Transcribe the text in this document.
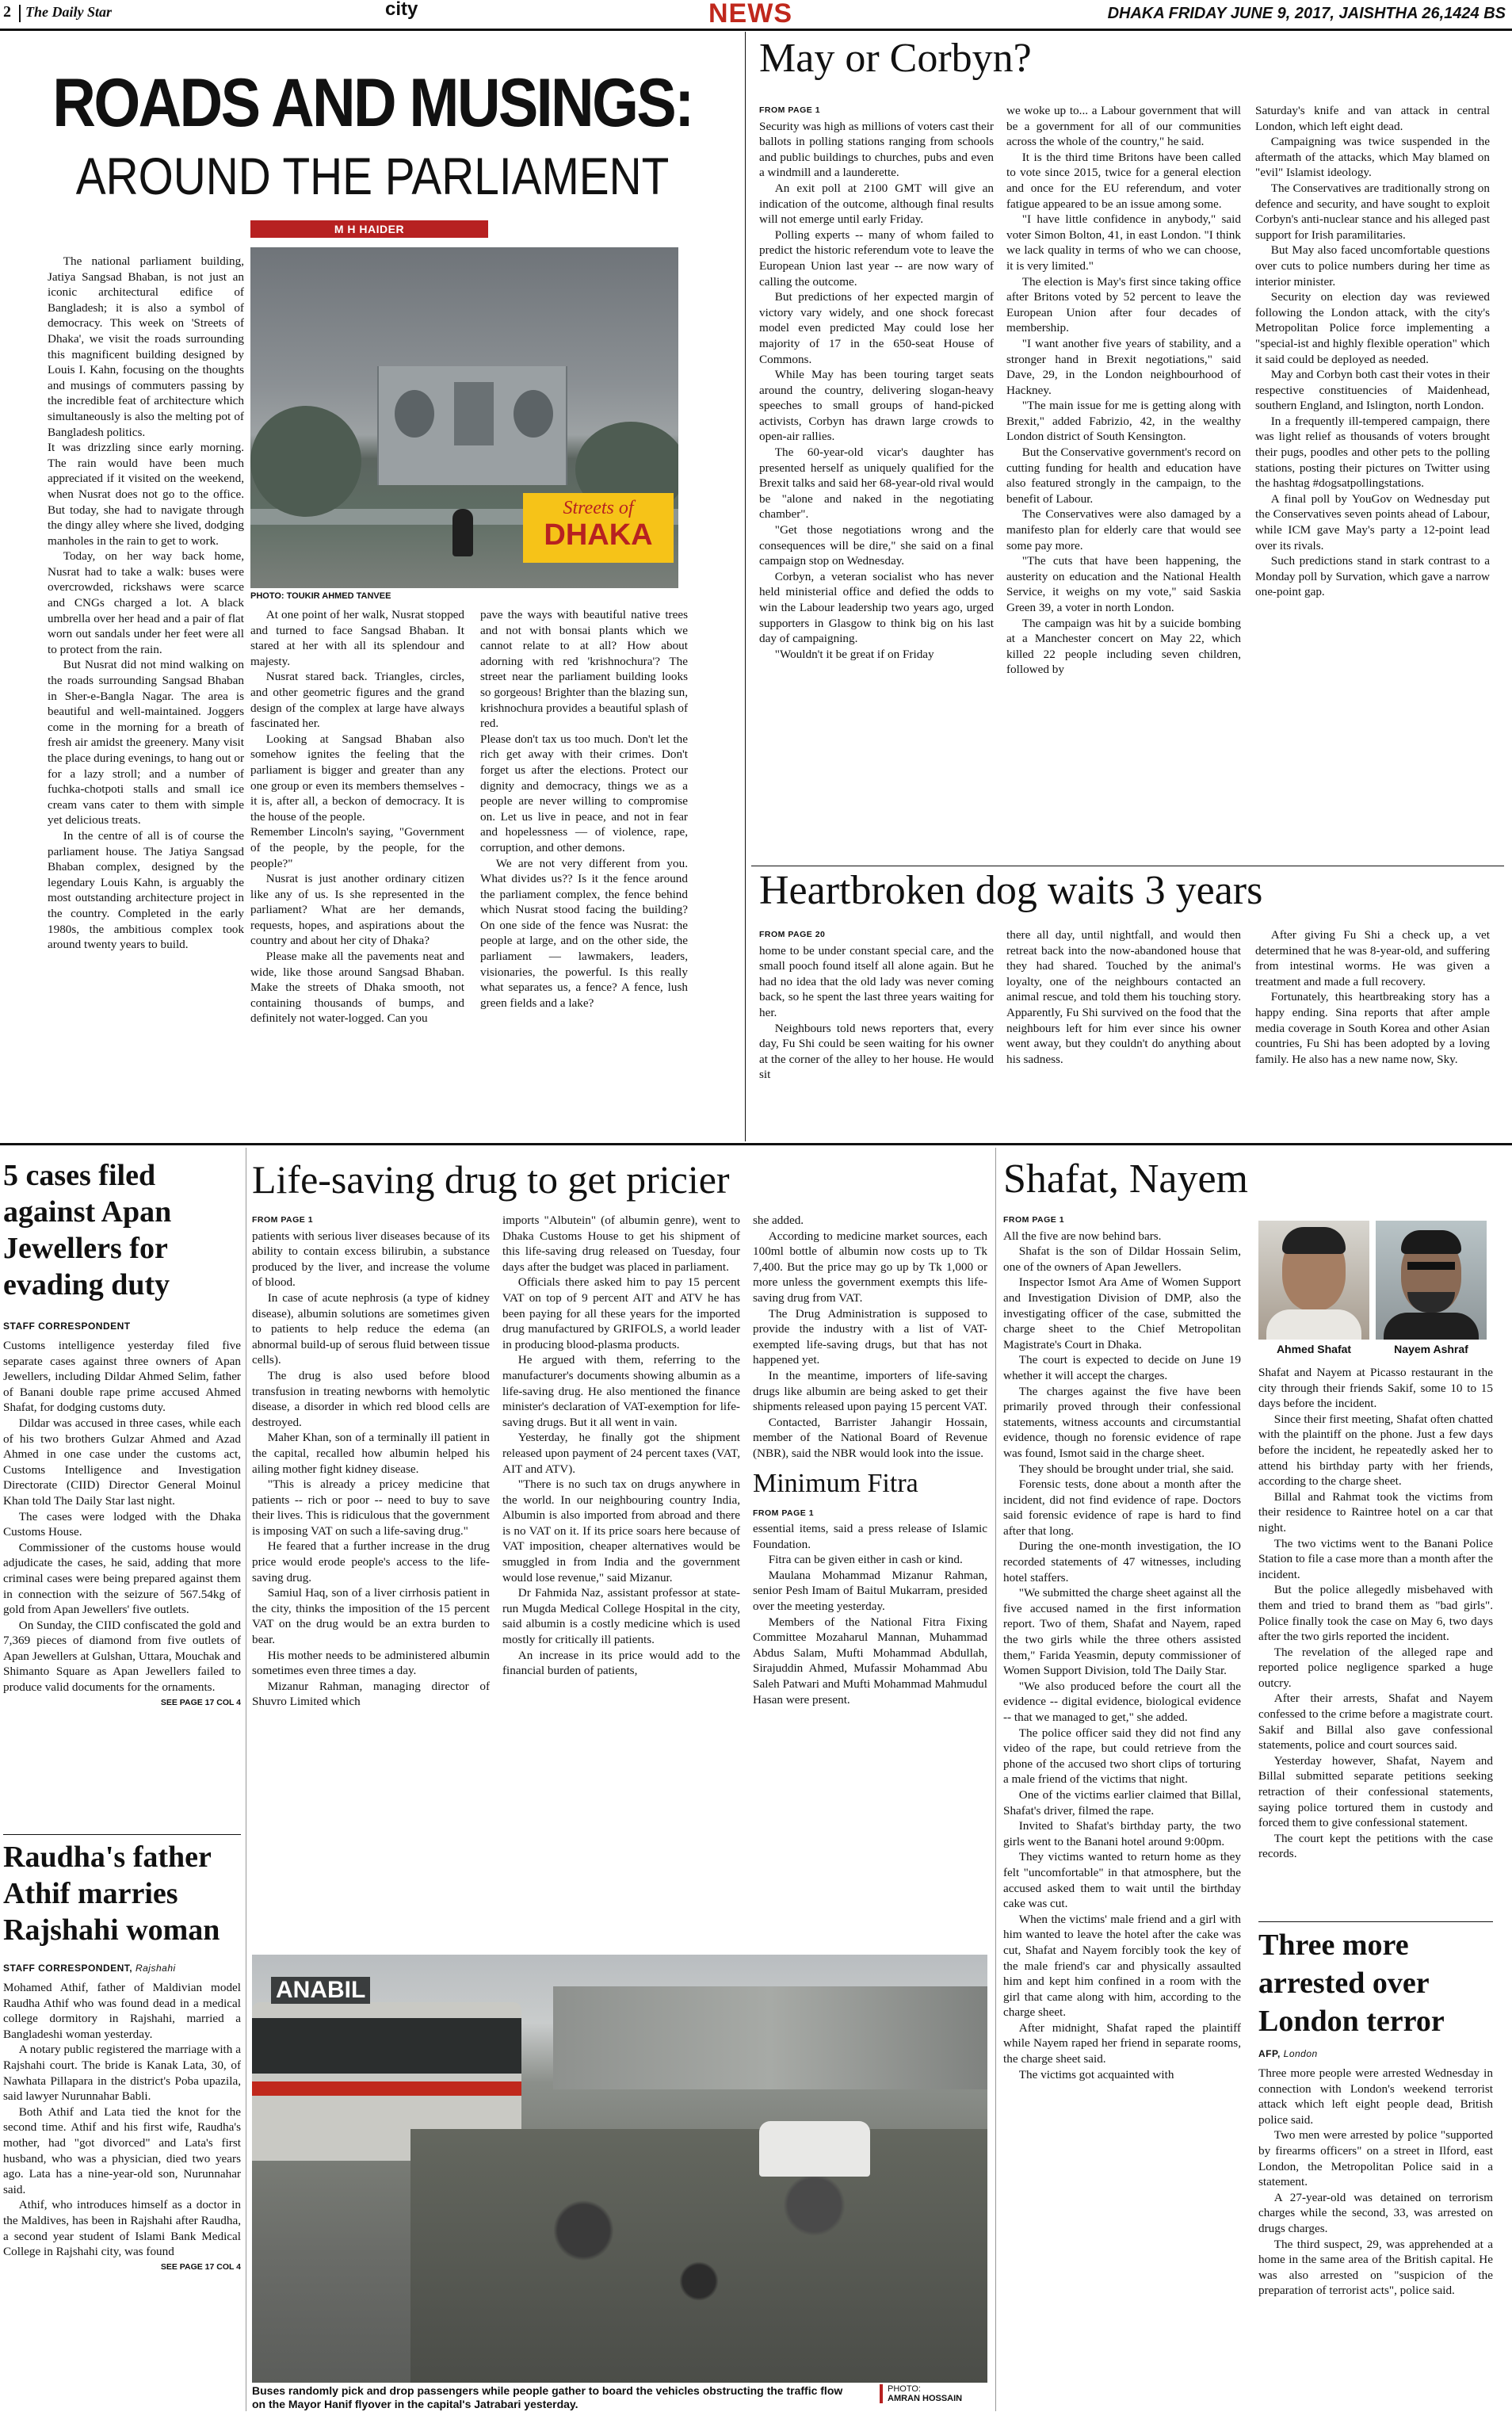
2 The Daily Star	city	NEWS	DHAKA FRIDAY JUNE 9, 2017, JAISHTHA 26,1424 BS
ROADS AND MUSINGS:
AROUND THE PARLIAMENT
M H HAIDER
Streets of
DHAKA
PHOTO: TOUKIR AHMED TANVEE

The national parliament building, Jatiya Sangsad Bhaban, is not just an iconic architectural edifice of Bangladesh; it is also a symbol of democracy. This week on 'Streets of Dhaka', we visit the roads surrounding this magnificent building designed by Louis I. Kahn, focusing on the thoughts and musings of commuters passing by the incredible feat of architecture which simultaneously is also the melting pot of Bangladesh politics.

It was drizzling since early morning. The rain would have been much appreciated if it visited on the weekend, when Nusrat does not go to the office. But today, she had to navigate through the dingy alley where she lived, dodging manholes in the rain to get to work.

Today, on her way back home, Nusrat had to take a walk: buses were overcrowded, rickshaws were scarce and CNGs charged a lot. A black umbrella over her head and a pair of flat worn out sandals under her feet were all to protect from the rain.

But Nusrat did not mind walking on the roads surrounding Sangsad Bhaban in Sher-e-Bangla Nagar. The area is beautiful and well-maintained. Joggers come in the morning for a breath of fresh air amidst the greenery. Many visit the place during evenings, to hang out or for a lazy stroll; and a number of fuchka-chotpoti stalls and small ice cream vans cater to them with simple yet delicious treats.

In the centre of all is of course the parliament house. The Jatiya Sangsad Bhaban complex, designed by the legendary Louis Kahn, is arguably the most outstanding architecture project in the country. Completed in the early 1980s, the ambitious complex took around twenty years to build.

At one point of her walk, Nusrat stopped and turned to face Sangsad Bhaban. It stared at her with all its splendour and majesty.

Nusrat stared back. Triangles, circles, and other geometric figures and the grand design of the complex at large have always fascinated her.

Looking at Sangsad Bhaban also somehow ignites the feeling that the parliament is bigger and greater than any one group or even its members themselves - it is, after all, a beckon of democracy. It is the house of the people.

Remember Lincoln's saying, "Government of the people, by the people, for the people?"

Nusrat is just another ordinary citizen like any of us. Is she represented in the parliament? What are her demands, requests, hopes, and aspirations about the country and about her city of Dhaka?

Please make all the pavements neat and wide, like those around Sangsad Bhaban. Make the streets of Dhaka smooth, not containing thousands of bumps, and definitely not water-logged. Can you

pave the ways with beautiful native trees and not with bonsai plants which we cannot relate to at all? How about adorning with red 'krishnochura'? The street near the parliament building looks so gorgeous! Brighter than the blazing sun, krishnochura provides a beautiful splash of red.

Please don't tax us too much. Don't let the rich get away with their crimes. Don't forget us after the elections. Protect our dignity and democracy, things we as a people are never willing to compromise on. Let us live in peace, and not in fear and hopelessness — of violence, rape, corruption, and other demons.

We are not very different from you. What divides us?? Is it the fence around the parliament complex, the fence behind which Nusrat stood facing the building? On one side of the fence was Nusrat: the people at large, and on the other side, the parliament — lawmakers, leaders, visionaries, the powerful. Is this really what separates us, a fence? A fence, lush green fields and a lake?

May or Corbyn?

FROM PAGE 1

Security was high as millions of voters cast their ballots in polling stations ranging from schools and public buildings to churches, pubs and even a windmill and a launderette.

An exit poll at 2100 GMT will give an indication of the outcome, although final results will not emerge until early Friday.

Polling experts -- many of whom failed to predict the historic referendum vote to leave the European Union last year -- are now wary of calling the outcome.

But predictions of her expected margin of victory vary widely, and one shock forecast model even predicted May could lose her majority of 17 in the 650-seat House of Commons.

While May has been touring target seats around the country, delivering slogan-heavy speeches to small groups of hand-picked activists, Corbyn has drawn large crowds to open-air rallies.

The 60-year-old vicar's daughter has presented herself as uniquely qualified for the Brexit talks and said her 68-year-old rival would be "alone and naked in the negotiating chamber".

"Get those negotiations wrong and the consequences will be dire," she said on a final campaign stop on Wednesday.

Corbyn, a veteran socialist who has never held ministerial office and defied the odds to win the Labour leadership two years ago, urged supporters in Glasgow to think big on his last day of campaigning.

"Wouldn't it be great if on Friday

we woke up to... a Labour government that will be a government for all of our communities across the whole of the country," he said.

It is the third time Britons have been called to vote since 2015, twice for a general election and once for the EU referendum, and voter fatigue appeared to be an issue among some.

"I have little confidence in anybody," said voter Simon Bolton, 41, in east London. "I think we lack quality in terms of who we can choose, it is very limited."

The election is May's first since taking office after Britons voted by 52 percent to leave the European Union after four decades of membership.

"I want another five years of stability, and a stronger hand in Brexit negotiations," said Dave, 29, in the London neighbourhood of Hackney.

"The main issue for me is getting along with Brexit," added Fabrizio, 42, in the wealthy London district of South Kensington.

But the Conservative government's record on cutting funding for health and education have also featured strongly in the campaign, to the benefit of Labour.

The Conservatives were also damaged by a manifesto plan for elderly care that would see some pay more.

"The cuts that have been happening, the austerity on education and the National Health Service, it weighs on my vote," said Saskia Green 39, a voter in north London.

The campaign was hit by a suicide bombing at a Manchester concert on May 22, which killed 22 people including seven children, followed by

Saturday's knife and van attack in central London, which left eight dead.

Campaigning was twice suspended in the aftermath of the attacks, which May blamed on "evil" Islamist ideology.

The Conservatives are traditionally strong on defence and security, and have sought to exploit Corbyn's anti-nuclear stance and his alleged past support for Irish paramilitaries.

But May also faced uncomfortable questions over cuts to police numbers during her time as interior minister.

Security on election day was reviewed following the London attack, with the city's Metropolitan Police force implementing a "special-ist and highly flexible operation" which it said could be deployed as needed.

May and Corbyn both cast their votes in their respective constituencies of Maidenhead, southern England, and Islington, north London.

In a frequently ill-tempered campaign, there was light relief as thousands of voters brought their pugs, poodles and other pets to the polling stations, posting their pictures on Twitter using the hashtag #dogsatpollingstations.

A final poll by YouGov on Wednesday put the Conservatives seven points ahead of Labour, while ICM gave May's party a 12-point lead over its rivals.

Such predictions stand in stark contrast to a Monday poll by Survation, which gave a narrow one-point gap.

Heartbroken dog waits 3 years

FROM PAGE 20

home to be under constant special care, and the small pooch found itself all alone again. But he had no idea that the old lady was never coming back, so he spent the last three years waiting for her.

Neighbours told news reporters that, every day, Fu Shi could be seen waiting for his owner at the corner of the alley to her house. He would sit

there all day, until nightfall, and would then retreat back into the now-abandoned house that they had shared. Touched by the animal's loyalty, one of the neighbours contacted an animal rescue, and told them his touching story. Apparently, Fu Shi survived on the food that the neighbours left for him ever since his owner went away, but they couldn't do anything about his sadness.

After giving Fu Shi a check up, a vet determined that he was 8-year-old, and suffering from intestinal worms. He was given a treatment and made a full recovery.

Fortunately, this heartbreaking story has a happy ending. Sina reports that after ample media coverage in South Korea and other Asian countries, Fu Shi has been adopted by a loving family. He also has a new name now, Sky.

5 cases filed against Apan Jewellers for evading duty
STAFF CORRESPONDENT

Customs intelligence yesterday filed five separate cases against three owners of Apan Jewellers, including Dildar Ahmed Selim, father of Banani double rape prime accused Ahmed Shafat, for dodging customs duty.

Dildar was accused in three cases, while each of his two brothers Gulzar Ahmed and Azad Ahmed in one case under the customs act, Customs Intelligence and Investigation Directorate (CIID) Director General Moinul Khan told The Daily Star last night.

The cases were lodged with the Dhaka Customs House.

Commissioner of the customs house would adjudicate the cases, he said, adding that more criminal cases were being prepared against them in connection with the seizure of 567.54kg of gold from Apan Jewellers' five outlets.

On Sunday, the CIID confiscated the gold and 7,369 pieces of diamond from five outlets of Apan Jewellers at Gulshan, Uttara, Mouchak and Shimanto Square as Apan Jewellers failed to produce valid documents for the ornaments.

SEE PAGE 17 COL 4

Raudha's father Athif marries Rajshahi woman
STAFF CORRESPONDENT, Rajshahi

Mohamed Athif, father of Maldivian model Raudha Athif who was found dead in a medical college dormitory in Rajshahi, married a Bangladeshi woman yesterday.

A notary public registered the marriage with a Rajshahi court. The bride is Kanak Lata, 30, of Nawhata Pillapara in the district's Poba upazila, said lawyer Nurunnahar Babli.

Both Athif and Lata tied the knot for the second time. Athif and his first wife, Raudha's mother, had "got divorced" and Lata's first husband, who was a physician, died two years ago. Lata has a nine-year-old son, Nurunnahar said.

Athif, who introduces himself as a doctor in the Maldives, has been in Rajshahi after Raudha, a second year student of Islami Bank Medical College in Rajshahi city, was found

SEE PAGE 17 COL 4

Life-saving drug to get pricier

FROM PAGE 1

patients with serious liver diseases because of its ability to contain excess bilirubin, a substance produced by the liver, and increase the volume of blood.

In case of acute nephrosis (a type of kidney disease), albumin solutions are sometimes given to patients to help reduce the edema (an abnormal build-up of serous fluid between tissue cells).

The drug is also used before blood transfusion in treating newborns with hemolytic disease, a disorder in which red blood cells are destroyed.

Maher Khan, son of a terminally ill patient in the capital, recalled how albumin helped his ailing mother fight kidney disease.

"This is already a pricey medicine that patients -- rich or poor -- need to buy to save their lives. This is ridiculous that the government is imposing VAT on such a life-saving drug."

He feared that a further increase in the drug price would erode people's access to the life-saving drug.

Samiul Haq, son of a liver cirrhosis patient in the city, thinks the imposition of the 15 percent VAT on the drug would be an extra burden to bear.

His mother needs to be administered albumin sometimes even three times a day.

Mizanur Rahman, managing director of Shuvro Limited which

imports "Albutein" (of albumin genre), went to Dhaka Customs House to get his shipment of this life-saving drug released on Tuesday, four days after the budget was placed in parliament.

Officials there asked him to pay 15 percent VAT on top of 9 percent AIT and ATV he has been paying for all these years for the imported drug manufactured by GRIFOLS, a world leader in producing blood-plasma products.

He argued with them, referring to the manufacturer's documents showing albumin as a life-saving drug. He also mentioned the finance minister's declaration of VAT-exemption for life-saving drugs. But it all went in vain.

Yesterday, he finally got the shipment released upon payment of 24 percent taxes (VAT, AIT and ATV).

"There is no such tax on drugs anywhere in the world. In our neighbouring country India, Albumin is also imported from abroad and there is no VAT on it. If its price soars here because of VAT imposition, cheaper alternatives would be smuggled in from India and the government would lose revenue," said Mizanur.

Dr Fahmida Naz, assistant professor at state-run Mugda Medical College Hospital in the city, said albumin is a costly medicine which is used mostly for critically ill patients.

An increase in its price would add to the financial burden of patients,

she added.

According to medicine market sources, each 100ml bottle of albumin now costs up to Tk 7,400. But the price may go up by Tk 1,000 or more unless the government exempts this life-saving drug from VAT.

The Drug Administration is supposed to provide the industry with a list of VAT-exempted life-saving drugs, but that has not happened yet.

In the meantime, importers of life-saving drugs like albumin are being asked to get their shipments released upon paying 15 percent VAT.

Contacted, Barrister Jahangir Hossain, member of the National Board of Revenue (NBR), said the NBR would look into the issue.

Minimum Fitra

FROM PAGE 1

essential items, said a press release of Islamic Foundation.

Fitra can be given either in cash or kind.

Maulana Mohammad Mizanur Rahman, senior Pesh Imam of Baitul Mukarram, presided over the meeting yesterday.

Members of the National Fitra Fixing Committee Mozaharul Mannan, Muhammad Abdus Salam, Mufti Mohammad Abdullah, Sirajuddin Ahmed, Mufassir Mohammad Abu Saleh Patwari and Mufti Mohammad Mahmudul Hasan were present.

ANABIL
Buses randomly pick and drop passengers while people gather to board the vehicles obstructing the traffic flow on the Mayor Hanif flyover in the capital's Jatrabari yesterday.
PHOTO:
AMRAN HOSSAIN
Shafat, Nayem

FROM PAGE 1

All the five are now behind bars.

Shafat is the son of Dildar Hossain Selim, one of the owners of Apan Jewellers.

Inspector Ismot Ara Ame of Women Support and Investigation Division of DMP, also the investigating officer of the case, submitted the charge sheet to the Chief Metropolitan Magistrate's Court in Dhaka.

The court is expected to decide on June 19 whether it will accept the charges.

The charges against the five have been primarily proved through their confessional statements, witness accounts and circumstantial evidence, though no forensic evidence of rape was found, Ismot said in the charge sheet.

They should be brought under trial, she said.

Forensic tests, done about a month after the incident, did not find evidence of rape. Doctors said forensic evidence of rape is hard to find after that long.

During the one-month investigation, the IO recorded statements of 47 witnesses, including hotel staffers.

"We submitted the charge sheet against all the five accused named in the first information report. Two of them, Shafat and Nayem, raped the two girls while the three others assisted them," Farida Yeasmin, deputy commissioner of Women Support Division, told The Daily Star.

"We also produced before the court all the evidence -- digital evidence, biological evidence -- that we managed to get," she added.

The police officer said they did not find any video of the rape, but could retrieve from the phone of the accused two short clips of torturing a male friend of the victims that night.

One of the victims earlier claimed that Billal, Shafat's driver, filmed the rape.

Invited to Shafat's birthday party, the two girls went to the Banani hotel around 9:00pm.

They victims wanted to return home as they felt "uncomfortable" in that atmosphere, but the accused asked them to wait until the birthday cake was cut.

When the victims' male friend and a girl with him wanted to leave the hotel after the cake was cut, Shafat and Nayem forcibly took the key of the male friend's car and physically assaulted him and kept him confined in a room with the girl that came along with him, according to the charge sheet.

After midnight, Shafat raped the plaintiff while Nayem raped her friend in separate rooms, the charge sheet said.

The victims got acquainted with

Ahmed Shafat	Nayem Ashraf

Shafat and Nayem at Picasso restaurant in the city through their friends Sakif, some 10 to 15 days before the incident.

Since their first meeting, Shafat often chatted with the plaintiff on the phone. Just a few days before the incident, he repeatedly asked her to attend his birthday party with her friends, according to the charge sheet.

Billal and Rahmat took the victims from their residence to Raintree hotel on a car that night.

The two victims went to the Banani Police Station to file a case more than a month after the incident.

But the police allegedly misbehaved with them and tried to brand them as "bad girls". Police finally took the case on May 6, two days after the two girls reported the incident.

The revelation of the alleged rape and reported police negligence sparked a huge outcry.

After their arrests, Shafat and Nayem confessed to the crime before a magistrate court. Sakif and Billal also gave confessional statements, police and court sources said.

Yesterday however, Shafat, Nayem and Billal submitted separate petitions seeking retraction of their confessional statements, saying police tortured them in custody and forced them to give confessional statement.

The court kept the petitions with the case records.

Three more arrested over London terror
AFP, London

Three more people were arrested Wednesday in connection with London's weekend terrorist attack which left eight people dead, British police said.

Two men were arrested by police "supported by firearms officers" on a street in Ilford, east London, the Metropolitan Police said in a statement.

A 27-year-old was detained on terrorism charges while the second, 33, was arrested on drugs charges.

The third suspect, 29, was apprehended at a home in the same area of the British capital. He was also arrested on "suspicion of the preparation of terrorist acts", police said.
